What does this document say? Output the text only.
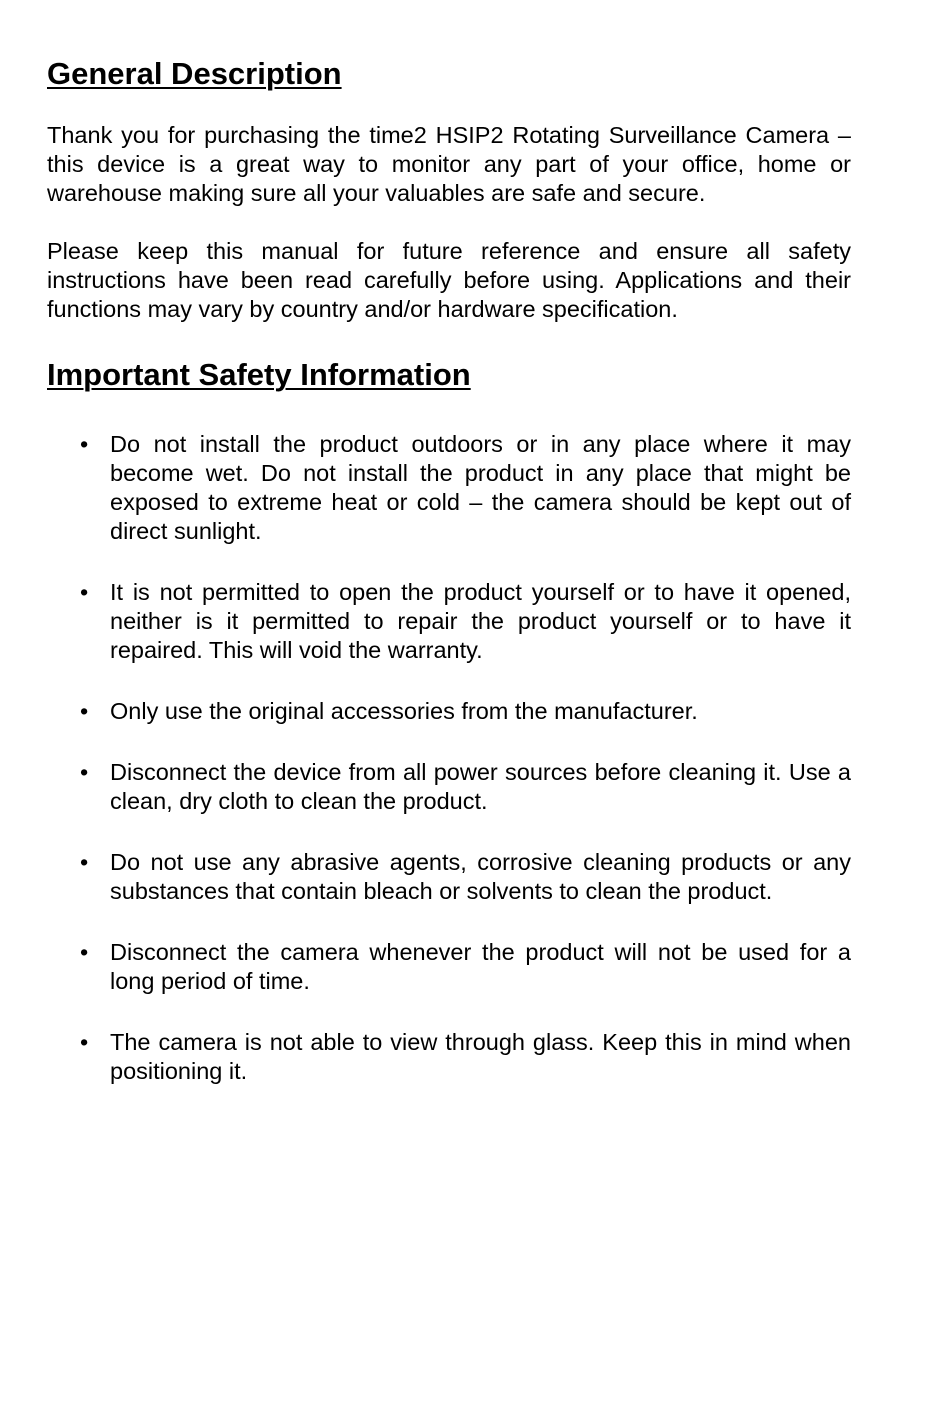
General Description

Thank you for purchasing the time2 HSIP2 Rotating Surveillance Camera – this device is a great way to monitor any part of your office, home or warehouse making sure all your valuables are safe and secure.

Please keep this manual for future reference and ensure all safety instructions have been read carefully before using. Applications and their functions may vary by country and/or hardware specification.

Important Safety Information
• Do not install the product outdoors or in any place where it may become wet. Do not install the product in any place that might be exposed to extreme heat or cold – the camera should be kept out of direct sunlight.

• It is not permitted to open the product yourself or to have it opened, neither is it permitted to repair the product yourself or to have it repaired. This will void the warranty.

• Only use the original accessories from the manufacturer.

• Disconnect the device from all power sources before cleaning it. Use a clean, dry cloth to clean the product.

• Do not use any abrasive agents, corrosive cleaning products or any substances that contain bleach or solvents to clean the product.

• Disconnect the camera whenever the product will not be used for a long period of time.

• The camera is not able to view through glass. Keep this in mind when positioning it.
